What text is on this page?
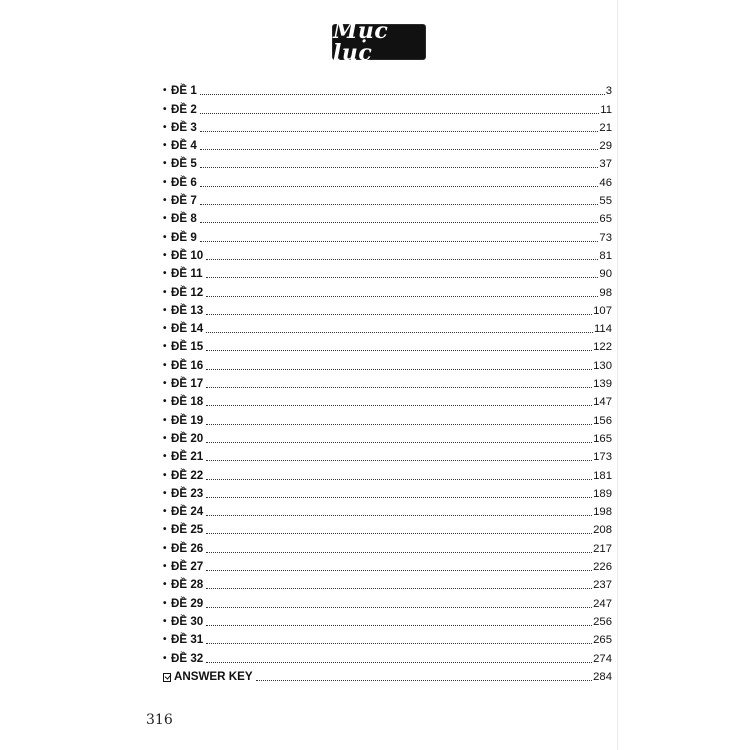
Mục lục
• ĐỀ 1	3
• ĐỀ 2	11
• ĐỀ 3	21
• ĐỀ 4	29
• ĐỀ 5	37
• ĐỀ 6	46
• ĐỀ 7	55
• ĐỀ 8	65
• ĐỀ 9	73
• ĐỀ 10	81
• ĐỀ 11	90
• ĐỀ 12	98
• ĐỀ 13	107
• ĐỀ 14	114
• ĐỀ 15	122
• ĐỀ 16	130
• ĐỀ 17	139
• ĐỀ 18	147
• ĐỀ 19	156
• ĐỀ 20	165
• ĐỀ 21	173
• ĐỀ 22	181
• ĐỀ 23	189
• ĐỀ 24	198
• ĐỀ 25	208
• ĐỀ 26	217
• ĐỀ 27	226
• ĐỀ 28	237
• ĐỀ 29	247
• ĐỀ 30	256
• ĐỀ 31	265
• ĐỀ 32	274
ANSWER KEY	284
316
